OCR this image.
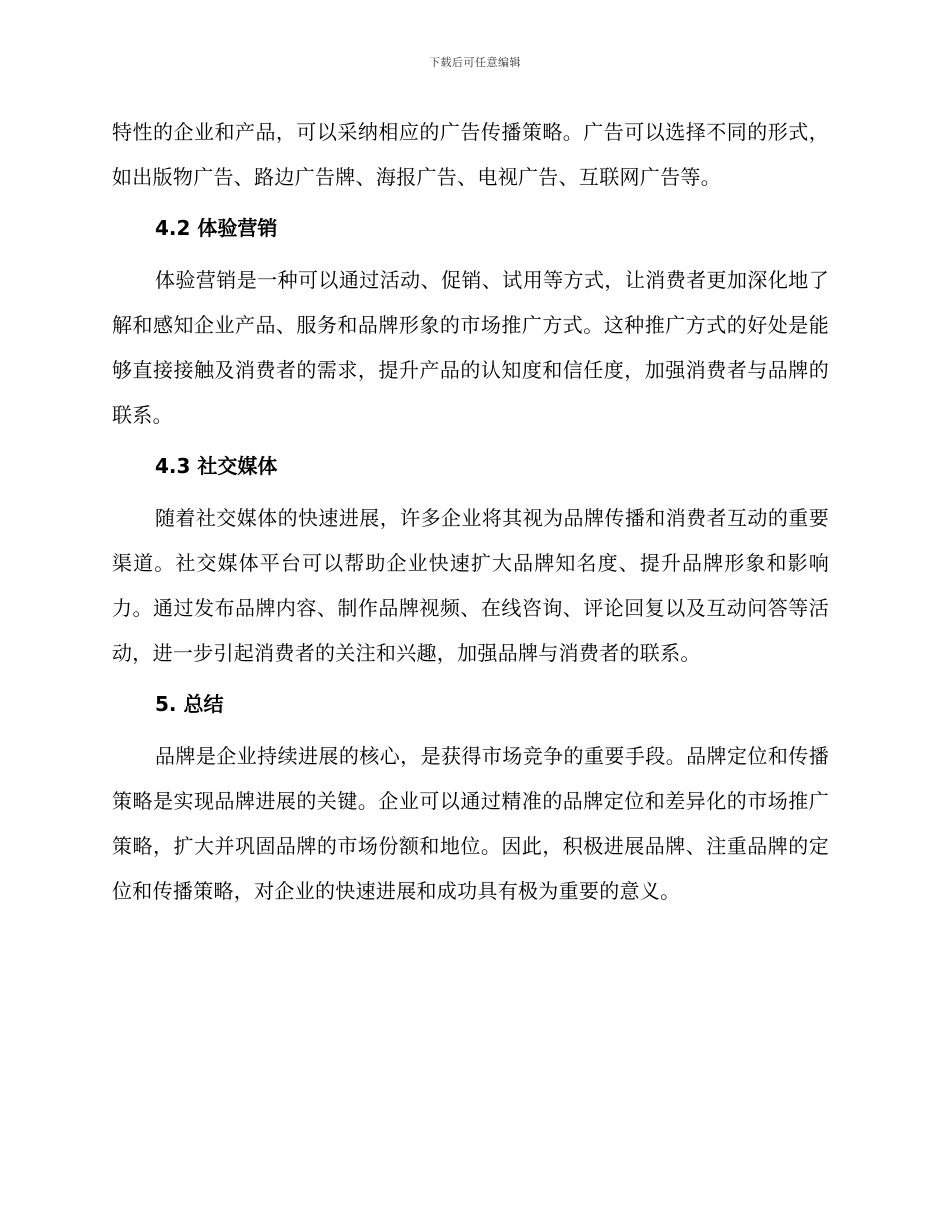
下载后可任意编辑

特性的企业和产品，可以采纳相应的广告传播策略。广告可以选择不同的形式，如出版物广告、路边广告牌、海报广告、电视广告、互联网广告等。

4.2 体验营销

体验营销是一种可以通过活动、促销、试用等方式，让消费者更加深化地了解和感知企业产品、服务和品牌形象的市场推广方式。这种推广方式的好处是能够直接接触及消费者的需求，提升产品的认知度和信任度，加强消费者与品牌的联系。

4.3 社交媒体

随着社交媒体的快速进展，许多企业将其视为品牌传播和消费者互动的重要渠道。社交媒体平台可以帮助企业快速扩大品牌知名度、提升品牌形象和影响力。通过发布品牌内容、制作品牌视频、在线咨询、评论回复以及互动问答等活动，进一步引起消费者的关注和兴趣，加强品牌与消费者的联系。

5. 总结

品牌是企业持续进展的核心，是获得市场竞争的重要手段。品牌定位和传播策略是实现品牌进展的关键。企业可以通过精准的品牌定位和差异化的市场推广策略，扩大并巩固品牌的市场份额和地位。因此，积极进展品牌、注重品牌的定位和传播策略，对企业的快速进展和成功具有极为重要的意义。
